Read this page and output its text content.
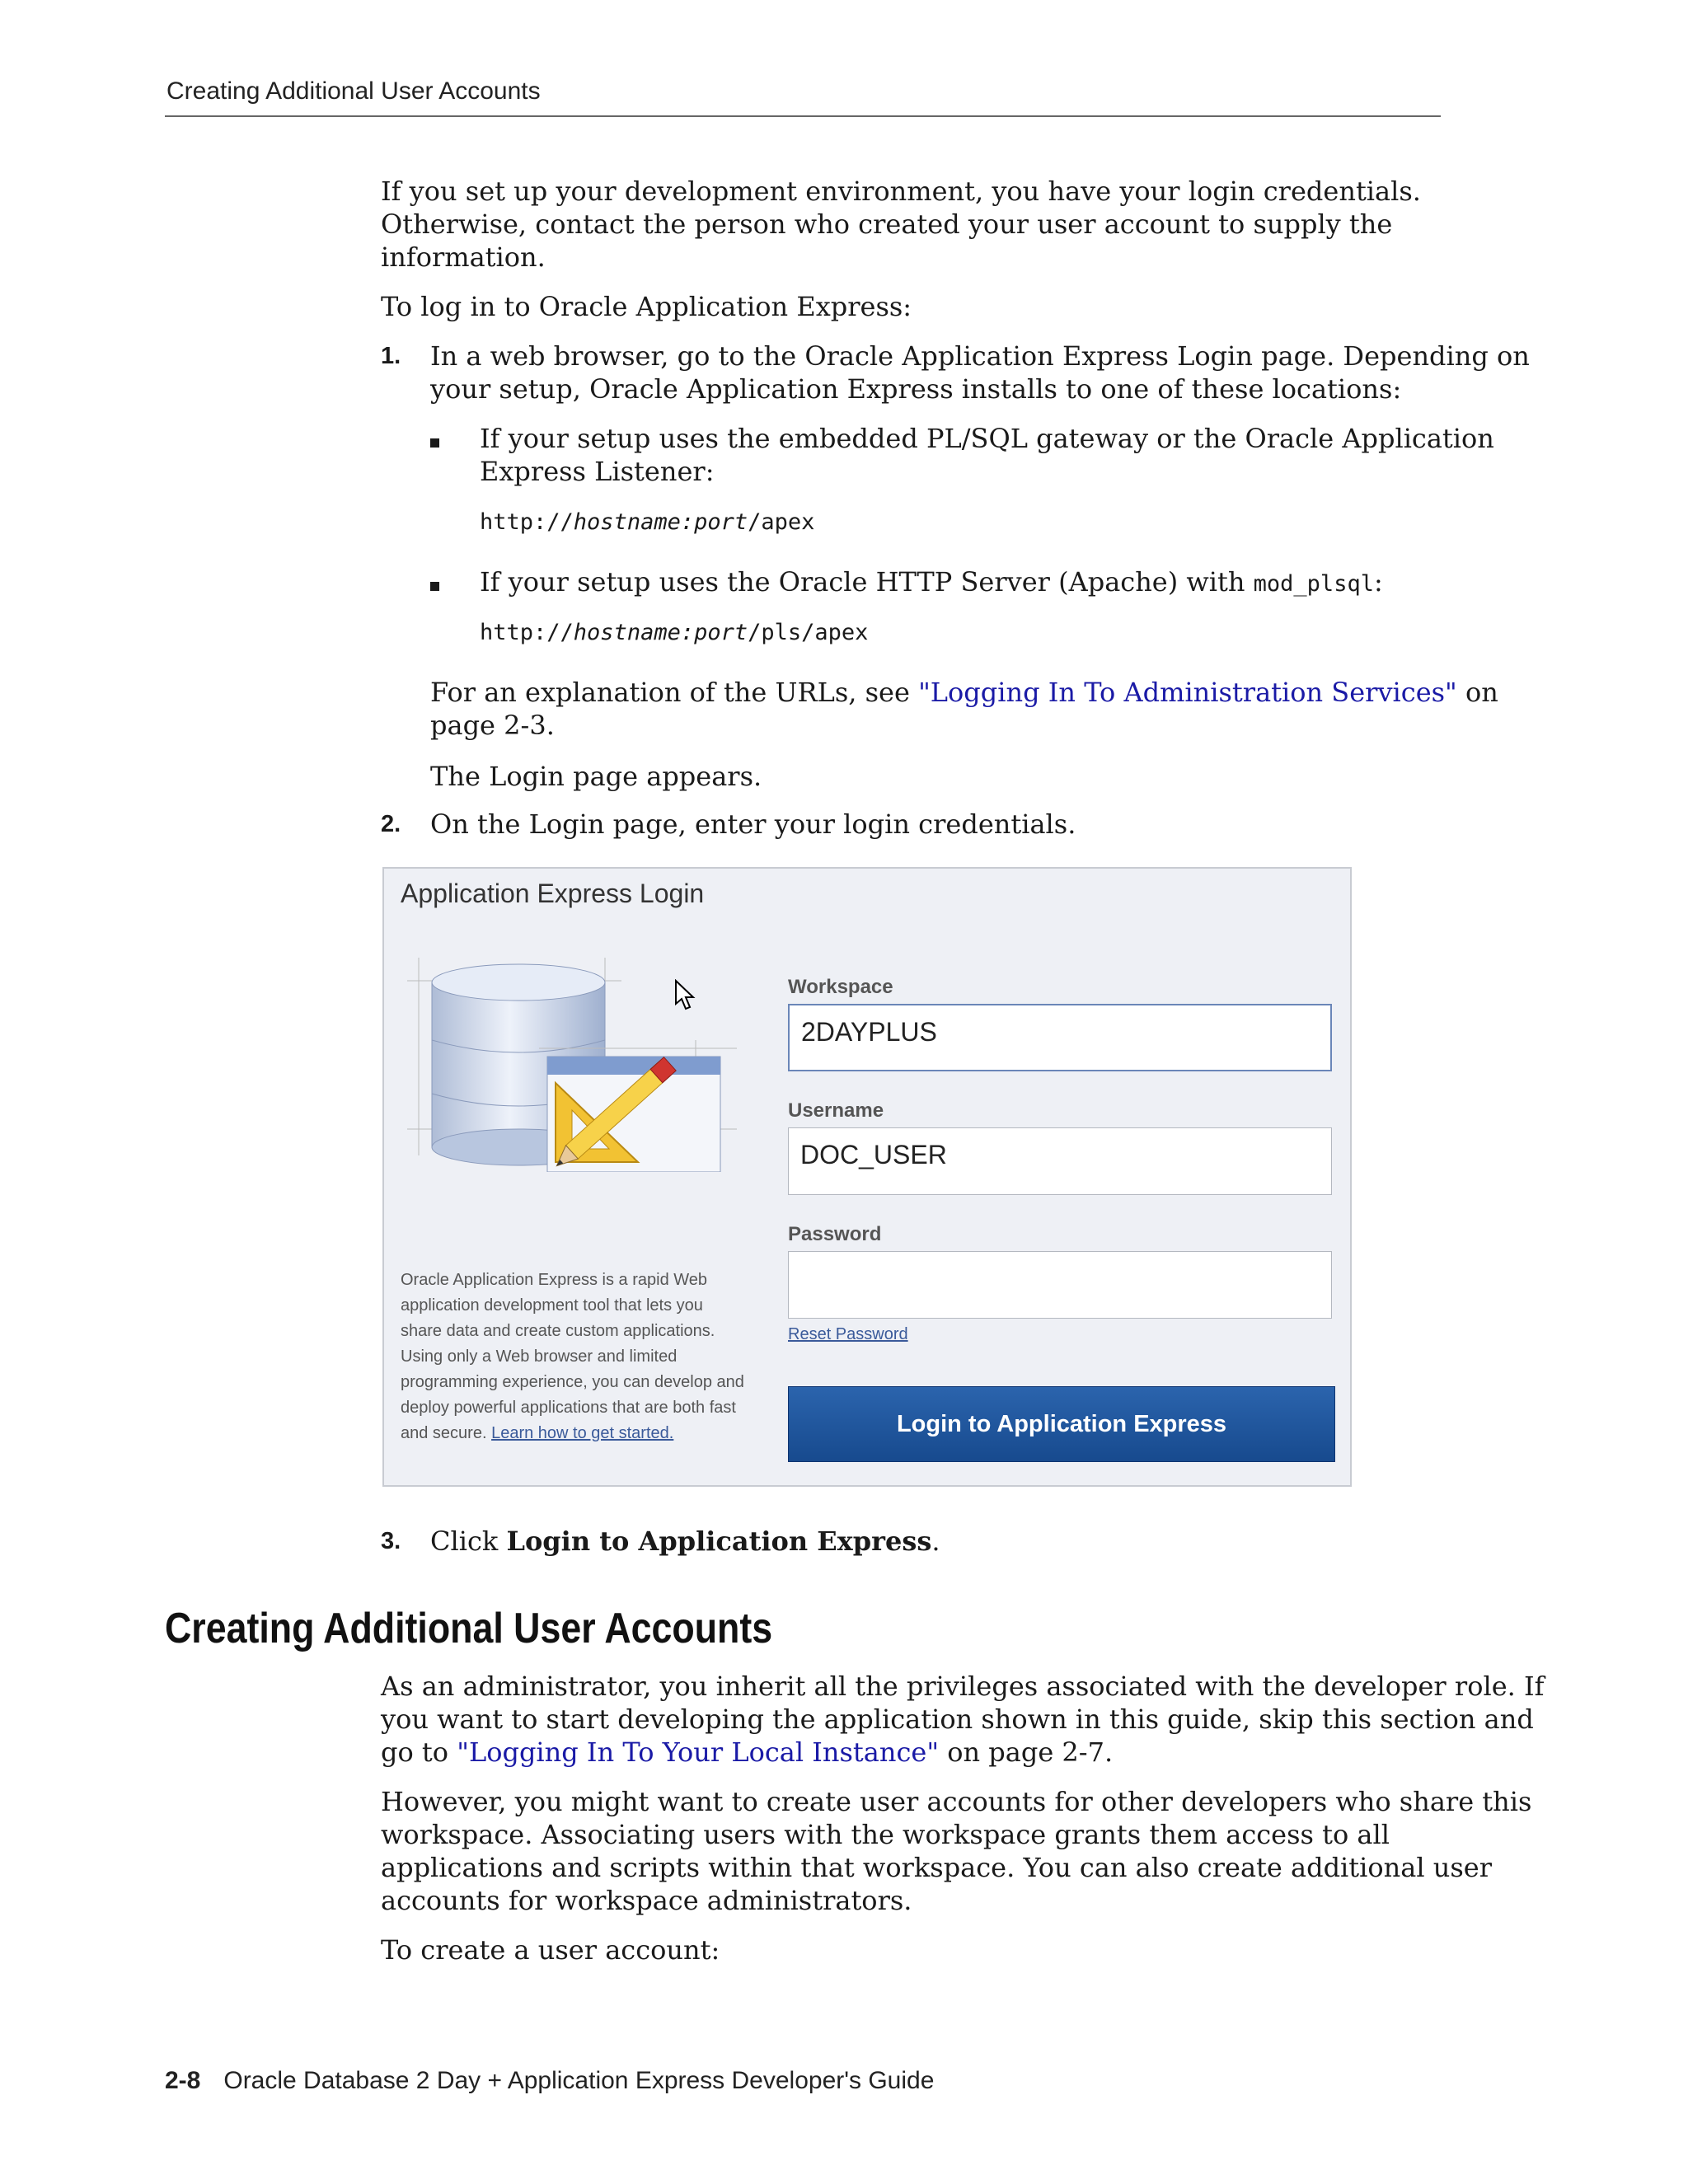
Creating Additional User Accounts

If you set up your development environment, you have your login credentials.

Otherwise, contact the person who created your user account to supply the

information.

To log in to Oracle Application Express:

1. In a web browser, go to the Oracle Application Express Login page. Depending on

your setup, Oracle Application Express installs to one of these locations:

If your setup uses the embedded PL/SQL gateway or the Oracle Application

Express Listener:

http://hostname:port/apex

If your setup uses the Oracle HTTP Server (Apache) with mod_plsql:

http://hostname:port/pls/apex

For an explanation of the URLs, see "Logging In To Administration Services" on

page 2-3.

The Login page appears.

2. On the Login page, enter your login credentials.

Application Express Login
Oracle Application Express is a rapid Web application development tool that lets you share data and create custom applications. Using only a Web browser and limited programming experience, you can develop and deploy powerful applications that are both fast and secure. Learn how to get started.
Workspace
2DAYPLUS
Username
DOC_USER
Password
Reset Password
Login to Application Express
3. Click Login to Application Express.

Creating Additional User Accounts

As an administrator, you inherit all the privileges associated with the developer role. If

you want to start developing the application shown in this guide, skip this section and

go to "Logging In To Your Local Instance" on page 2-7.

However, you might want to create user accounts for other developers who share this

workspace. Associating users with the workspace grants them access to all

applications and scripts within that workspace. You can also create additional user

accounts for workspace administrators.

To create a user account:

2-8 Oracle Database 2 Day + Application Express Developer's Guide
